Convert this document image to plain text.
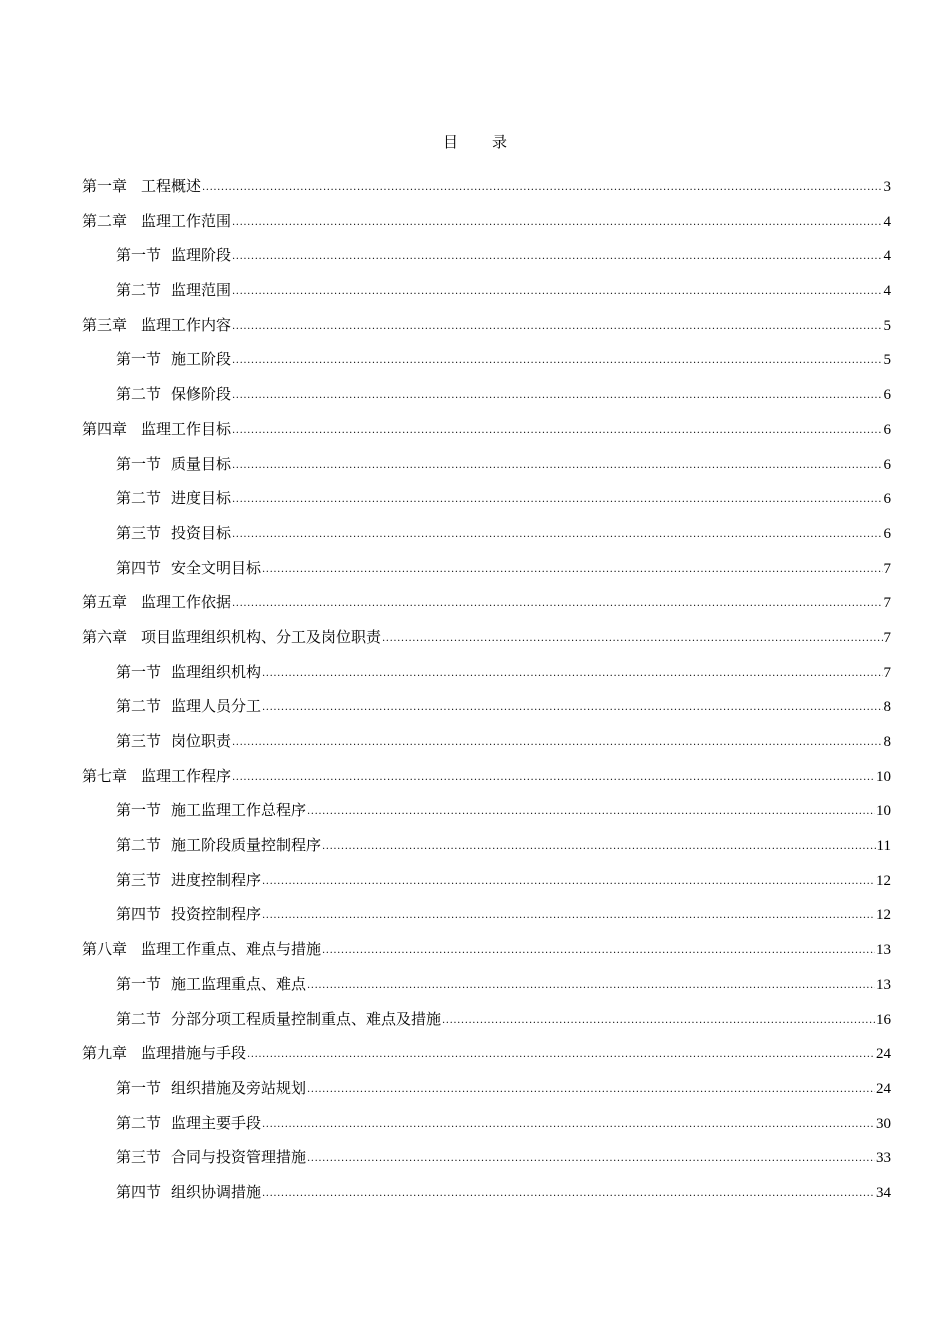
目 录
第一章 工程概述 .....	3
第二章 监理工作范围 .....	4
第一节 监理阶段 .....	4
第二节 监理范围 .....	4
第三章 监理工作内容 .....	5
第一节 施工阶段 .....	5
第二节 保修阶段 .....	6
第四章 监理工作目标 .....	6
第一节 质量目标 .....	6
第二节 进度目标 .....	6
第三节 投资目标 .....	6
第四节 安全文明目标 .....	7
第五章 监理工作依据 .....	7
第六章 项目监理组织机构、分工及岗位职责 .....	7
第一节 监理组织机构 .....	7
第二节 监理人员分工 .....	8
第三节 岗位职责 .....	8
第七章 监理工作程序 .....	10
第一节 施工监理工作总程序 .....	10
第二节 施工阶段质量控制程序 .....	11
第三节 进度控制程序 .....	12
第四节 投资控制程序 .....	12
第八章 监理工作重点、难点与措施 .....	13
第一节 施工监理重点、难点 .....	13
第二节 分部分项工程质量控制重点、难点及措施 .....	16
第九章 监理措施与手段 .....	24
第一节 组织措施及旁站规划 .....	24
第二节 监理主要手段 .....	30
第三节 合同与投资管理措施 .....	33
第四节 组织协调措施 .....	34
